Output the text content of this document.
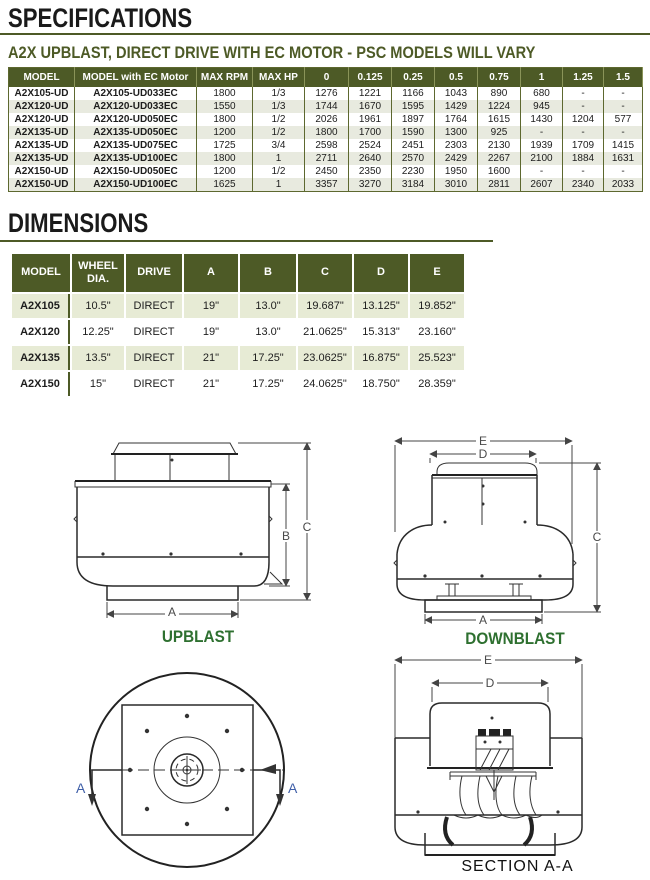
SPECIFICATIONS
A2X UPBLAST, DIRECT DRIVE WITH EC MOTOR - PSC MODELS WILL VARY
MODEL	MODEL with EC Motor	MAX RPM	MAX HP	0	0.125	0.25	0.5	0.75	1	1.25	1.5
A2X105-UD	A2X105-UD033EC	1800	1/3	1276	1221	1166	1043	890	680	-	-
A2X120-UD	A2X120-UD033EC	1550	1/3	1744	1670	1595	1429	1224	945	-	-
A2X120-UD	A2X120-UD050EC	1800	1/2	2026	1961	1897	1764	1615	1430	1204	577
A2X135-UD	A2X135-UD050EC	1200	1/2	1800	1700	1590	1300	925	-	-	-
A2X135-UD	A2X135-UD075EC	1725	3/4	2598	2524	2451	2303	2130	1939	1709	1415
A2X135-UD	A2X135-UD100EC	1800	1	2711	2640	2570	2429	2267	2100	1884	1631
A2X150-UD	A2X150-UD050EC	1200	1/2	2450	2350	2230	1950	1600	-	-	-
A2X150-UD	A2X150-UD100EC	1625	1	3357	3270	3184	3010	2811	2607	2340	2033
DIMENSIONS
MODEL	WHEEL DIA.	DRIVE	A	B	C	D	E
A2X105	10.5"	DIRECT	19"	13.0"	19.687"	13.125"	19.852"
A2X120	12.25"	DIRECT	19"	13.0"	21.0625"	15.313"	23.160"
A2X135	13.5"	DIRECT	21"	17.25"	23.0625"	16.875"	25.523"
A2X150	15"	DIRECT	21"	17.25"	24.0625"	18.750"	28.359"
A
B
C
UPBLAST
E
D
A
C
DOWNBLAST
A	A
E
D
SECTION A-A
